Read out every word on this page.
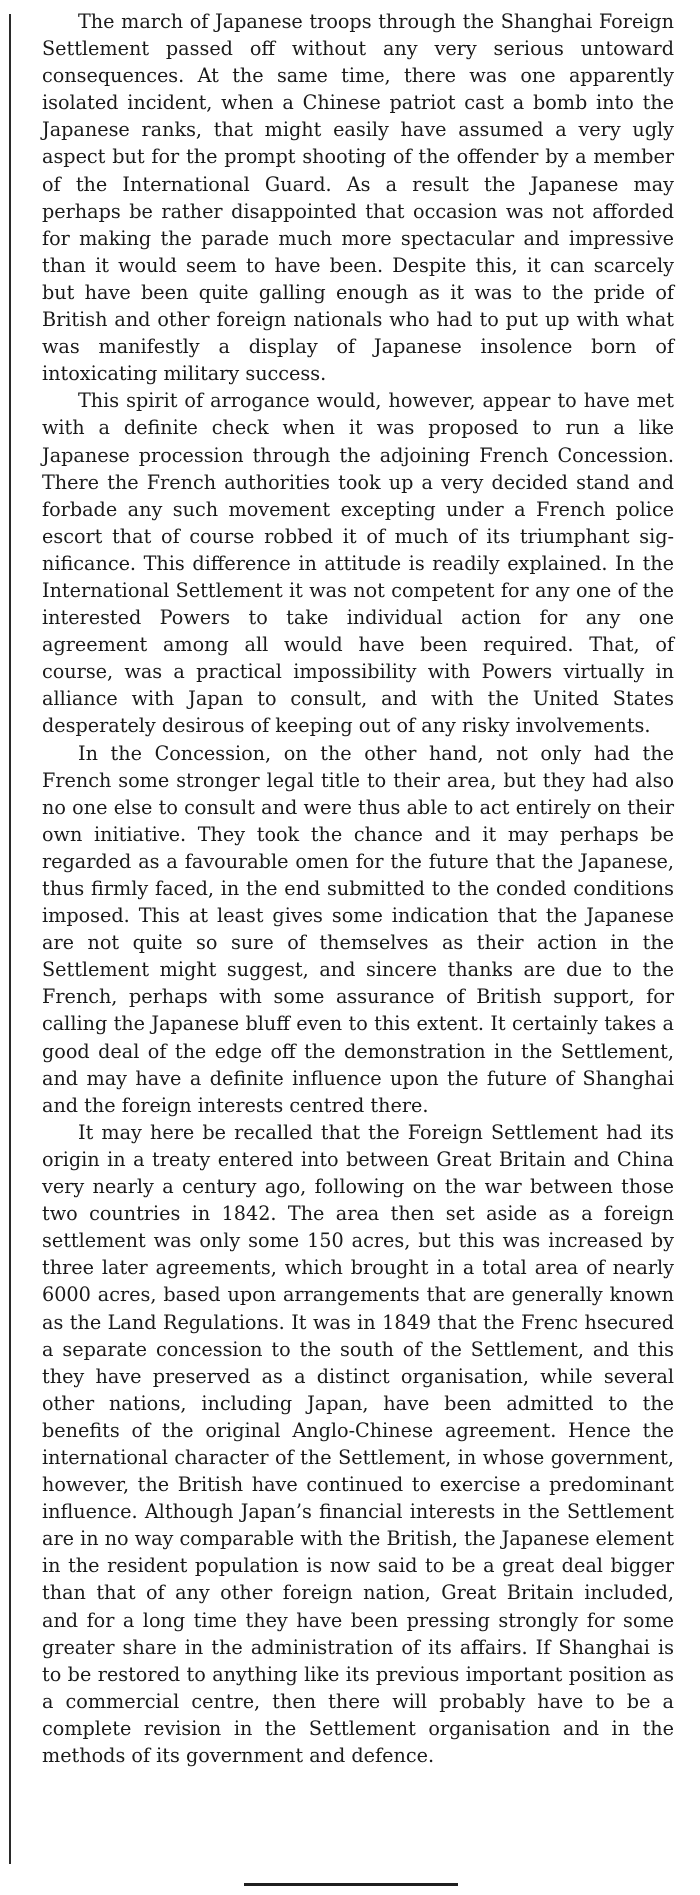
The march of Japanese troops through the Shanghai Foreign Settlement passed off without any very serious untoward consequences. At the same time, there was one apparently isolated incident, when a Chinese patriot cast a bomb into the Japanese ranks, that might easily have assumed a very ugly aspect but for the prompt shooting of the offender by a member of the International Guard. As a result the Japanese may perhaps be rather disappointed that occasion was not afforded for making the parade much more spectacular and impressive than it would seem to have been. Despite this, it can scarcely but have been quite galling enough as it was to the pride of British and other foreign nationals who had to put up with what was manifestly a display of Japanese insolence born of intoxicating military success.

This spirit of arrogance would, however, appear to have met with a definite check when it was proposed to run a like Japanese procession through the adjoining French Concession. There the French authorities took up a very decided stand and forbade any such movement excepting under a French police escort that of course robbed it of much of its triumphant significance. This difference in attitude is readily explained. In the International Settlement it was not competent for any one of the interested Powers to take individual action for any one agreement among all would have been required. That, of course, was a practical impossibility with Powers virtually in alliance with Japan to consult, and with the United States desperately desirous of keeping out of any risky involvements.

In the Concession, on the other hand, not only had the French some stronger legal title to their area, but they had also no one else to consult and were thus able to act entirely on their own initiative. They took the chance and it may perhaps be regarded as a favourable omen for the future that the Japanese, thus firmly faced, in the end submitted to the conded conditions imposed. This at least gives some indication that the Japanese are not quite so sure of themselves as their action in the Settlement might suggest, and sincere thanks are due to the French, perhaps with some assurance of British support, for calling the Japanese bluff even to this extent. It certainly takes a good deal of the edge off the demonstration in the Settlement, and may have a definite influence upon the future of Shanghai and the foreign interests centred there.

It may here be recalled that the Foreign Settlement had its origin in a treaty entered into between Great Britain and China very nearly a century ago, following on the war between those two countries in 1842. The area then set aside as a foreign settlement was only some 150 acres, but this was increased by three later agreements, which brought in a total area of nearly 6000 acres, based upon arrangements that are generally known as the Land Regulations. It was in 1849 that the Frenc hsecured a separate concession to the south of the Settlement, and this they have preserved as a distinct organisation, while several other nations, including Japan, have been admitted to the benefits of the original Anglo-Chinese agreement. Hence the international character of the Settlement, in whose government, however, the British have continued to exercise a predominant influence. Although Japan’s financial interests in the Settlement are in no way comparable with the British, the Japanese element in the resident population is now said to be a great deal bigger than that of any other foreign nation, Great Britain included, and for a long time they have been pressing strongly for some greater share in the administration of its affairs. If Shanghai is to be restored to anything like its previous important position as a commercial centre, then there will probably have to be a complete revision in the Settlement organisation and in the methods of its government and defence.
